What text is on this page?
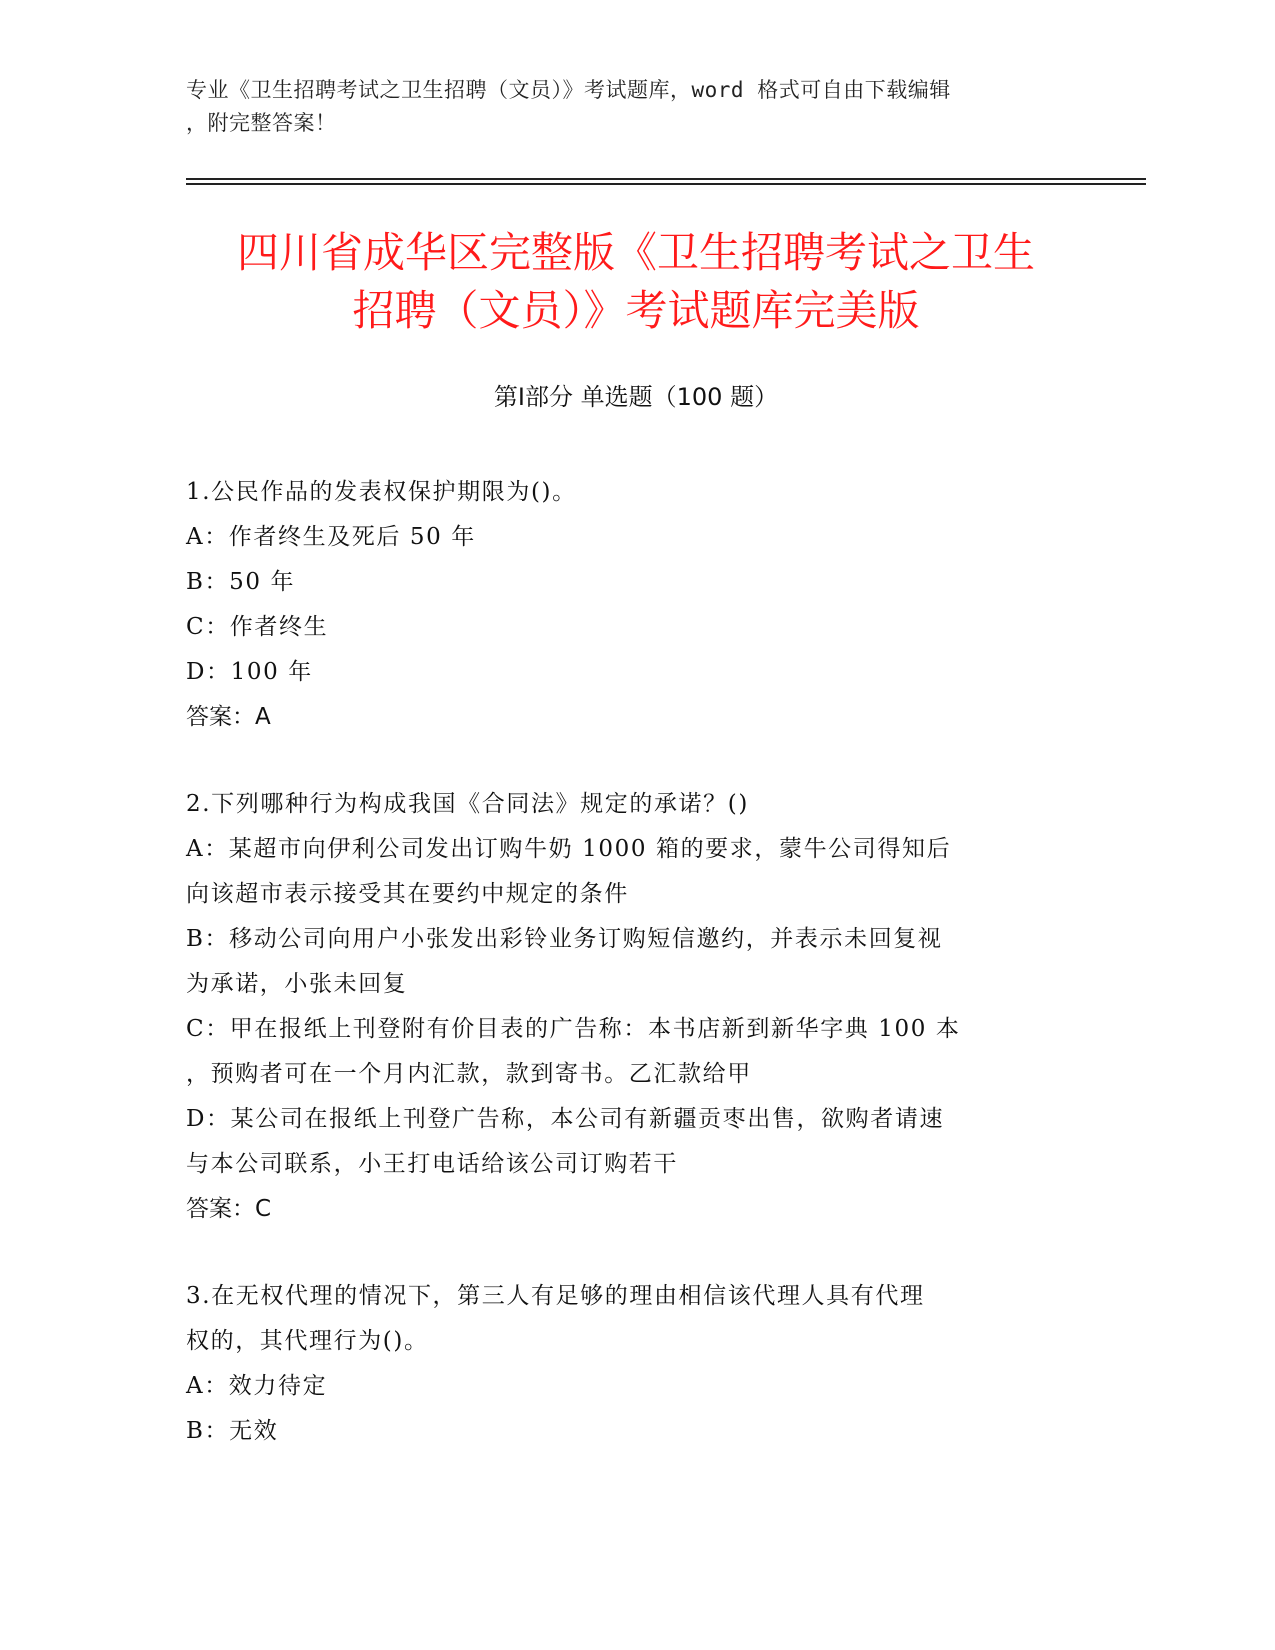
专业《卫生招聘考试之卫生招聘（文员）》考试题库，word 格式可自由下载编辑
，附完整答案！
四川省成华区完整版《卫生招聘考试之卫生
招聘（文员）》考试题库完美版
第Ⅰ部分 单选题（100 题）
1.公民作品的发表权保护期限为()。
A：作者终生及死后 50 年
B：50 年
C：作者终生
D：100 年
答案：A
2.下列哪种行为构成我国《合同法》规定的承诺？()
A：某超市向伊利公司发出订购牛奶 1000 箱的要求，蒙牛公司得知后
向该超市表示接受其在要约中规定的条件
B：移动公司向用户小张发出彩铃业务订购短信邀约，并表示未回复视
为承诺，小张未回复
C：甲在报纸上刊登附有价目表的广告称：本书店新到新华字典 100 本
，预购者可在一个月内汇款，款到寄书。乙汇款给甲
D：某公司在报纸上刊登广告称，本公司有新疆贡枣出售，欲购者请速
与本公司联系，小王打电话给该公司订购若干
答案：C
3.在无权代理的情况下，第三人有足够的理由相信该代理人具有代理
权的，其代理行为()。
A：效力待定
B：无效
